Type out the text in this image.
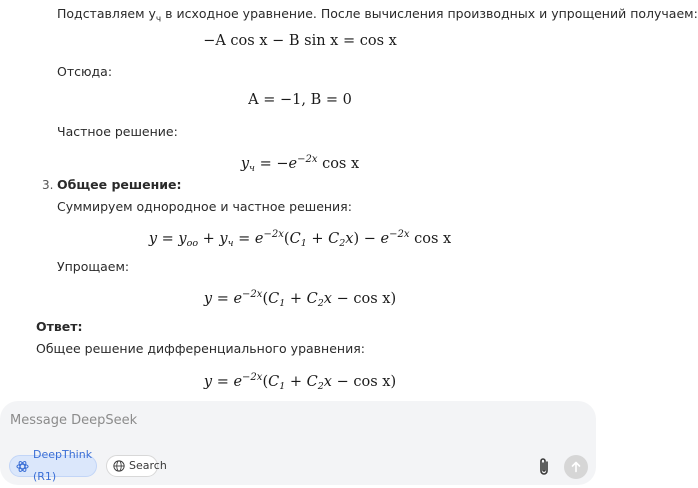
Подставляем $y_ч$ в исходное уравнение. После вычисления производных и упрощений получаем:
−A cos x − B sin x = cos x
Отсюда:
A = −1, B = 0
Частное решение:
$y_ч = -e^{-2x}$ cos x
3. Общее решение:
Суммируем однородное и частное решения:
$y = y_{оо} + y_ч = e^{-2x}(C_1 + C_2x) - e^{-2x}$ cos x
Упрощаем:
$y = e^{-2x}(C_1 + C_2x - \cos x)$
Ответ:
Общее решение дифференциального уравнения:
$y = e^{-2x}(C_1 + C_2x - \cos x)$
Message DeepSeek
DeepThink (R1)
Search
